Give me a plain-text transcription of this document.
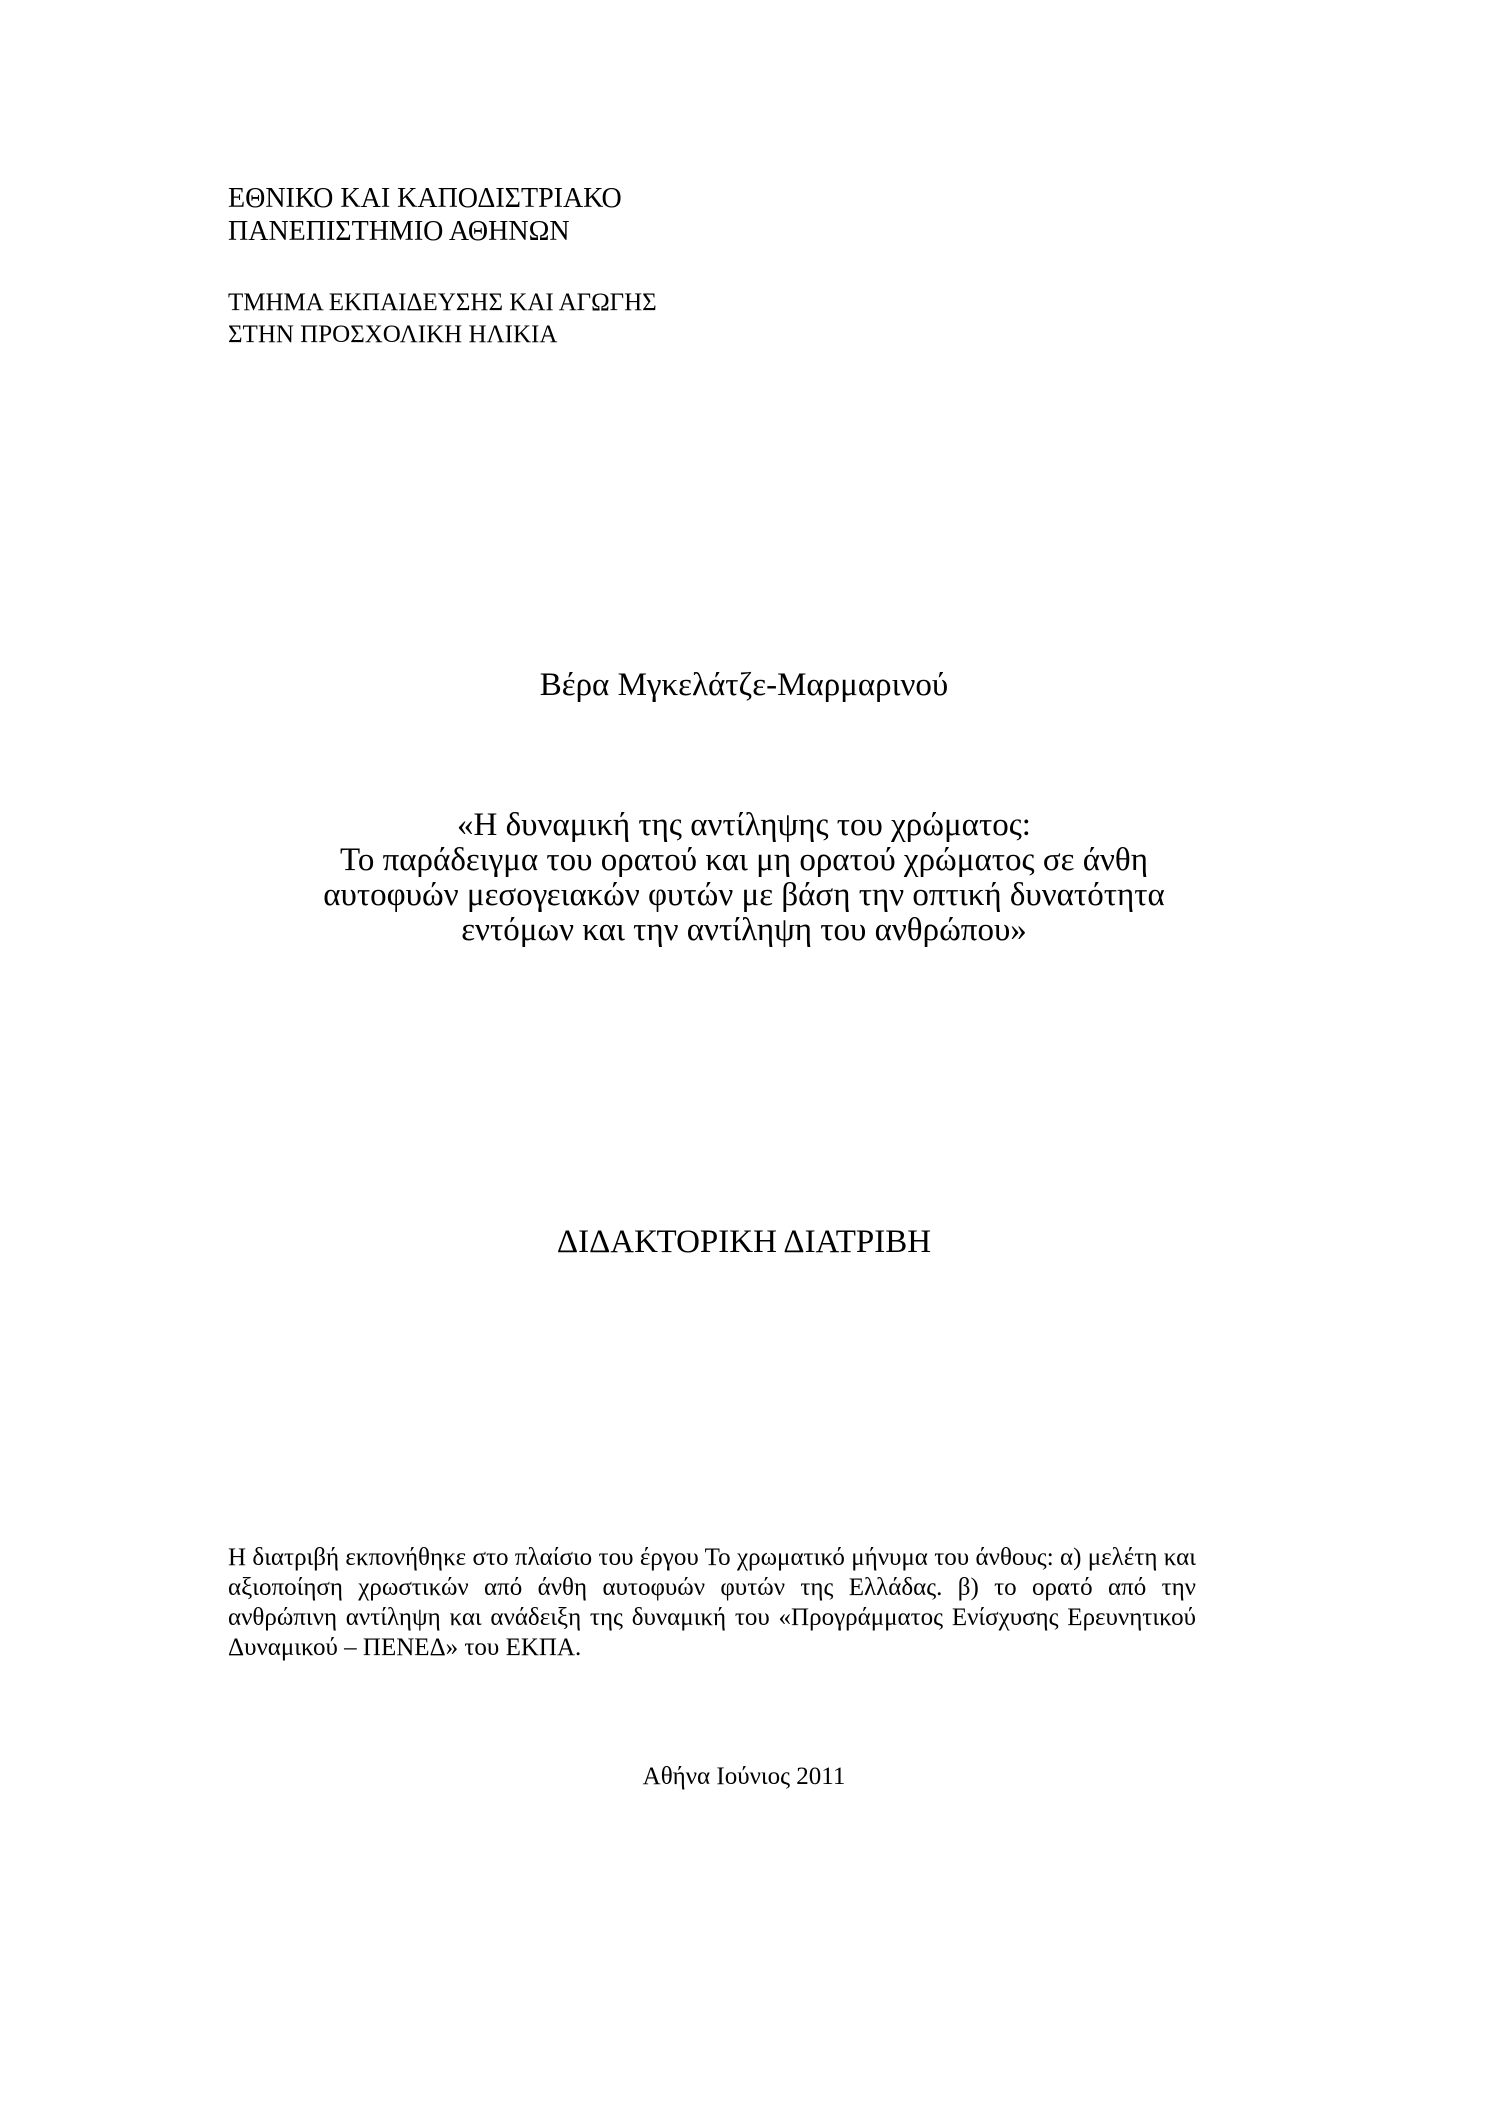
ΕΘΝΙΚΟ ΚΑΙ ΚΑΠΟΔΙΣΤΡΙΑΚΟ
ΠΑΝΕΠΙΣΤΗΜΙΟ ΑΘΗΝΩΝ
ΤΜΗΜΑ ΕΚΠΑΙΔΕΥΣΗΣ ΚΑΙ ΑΓΩΓΗΣ
ΣΤΗΝ ΠΡΟΣΧΟΛΙΚΗ ΗΛΙΚΙΑ
Βέρα Μγκελάτζε-Μαρμαρινού
«Η δυναμική της αντίληψης του χρώματος:
Το παράδειγμα του ορατού και μη ορατού χρώματος σε άνθη
αυτοφυών μεσογειακών φυτών με βάση την οπτική δυνατότητα
εντόμων και την αντίληψη του ανθρώπου»
ΔΙΔΑΚΤΟΡΙΚΗ ΔΙΑΤΡΙΒΗ
Η διατριβή εκπονήθηκε στο πλαίσιο του έργου Το χρωματικό μήνυμα του άνθους: α) μελέτη και αξιοποίηση χρωστικών από άνθη αυτοφυών φυτών της Ελλάδας. β) το ορατό από την ανθρώπινη αντίληψη και ανάδειξη της δυναμική του «Προγράμματος Ενίσχυσης Ερευνητικού Δυναμικού – ΠΕΝΕΔ» του ΕΚΠΑ.
Αθήνα Ιούνιος 2011
